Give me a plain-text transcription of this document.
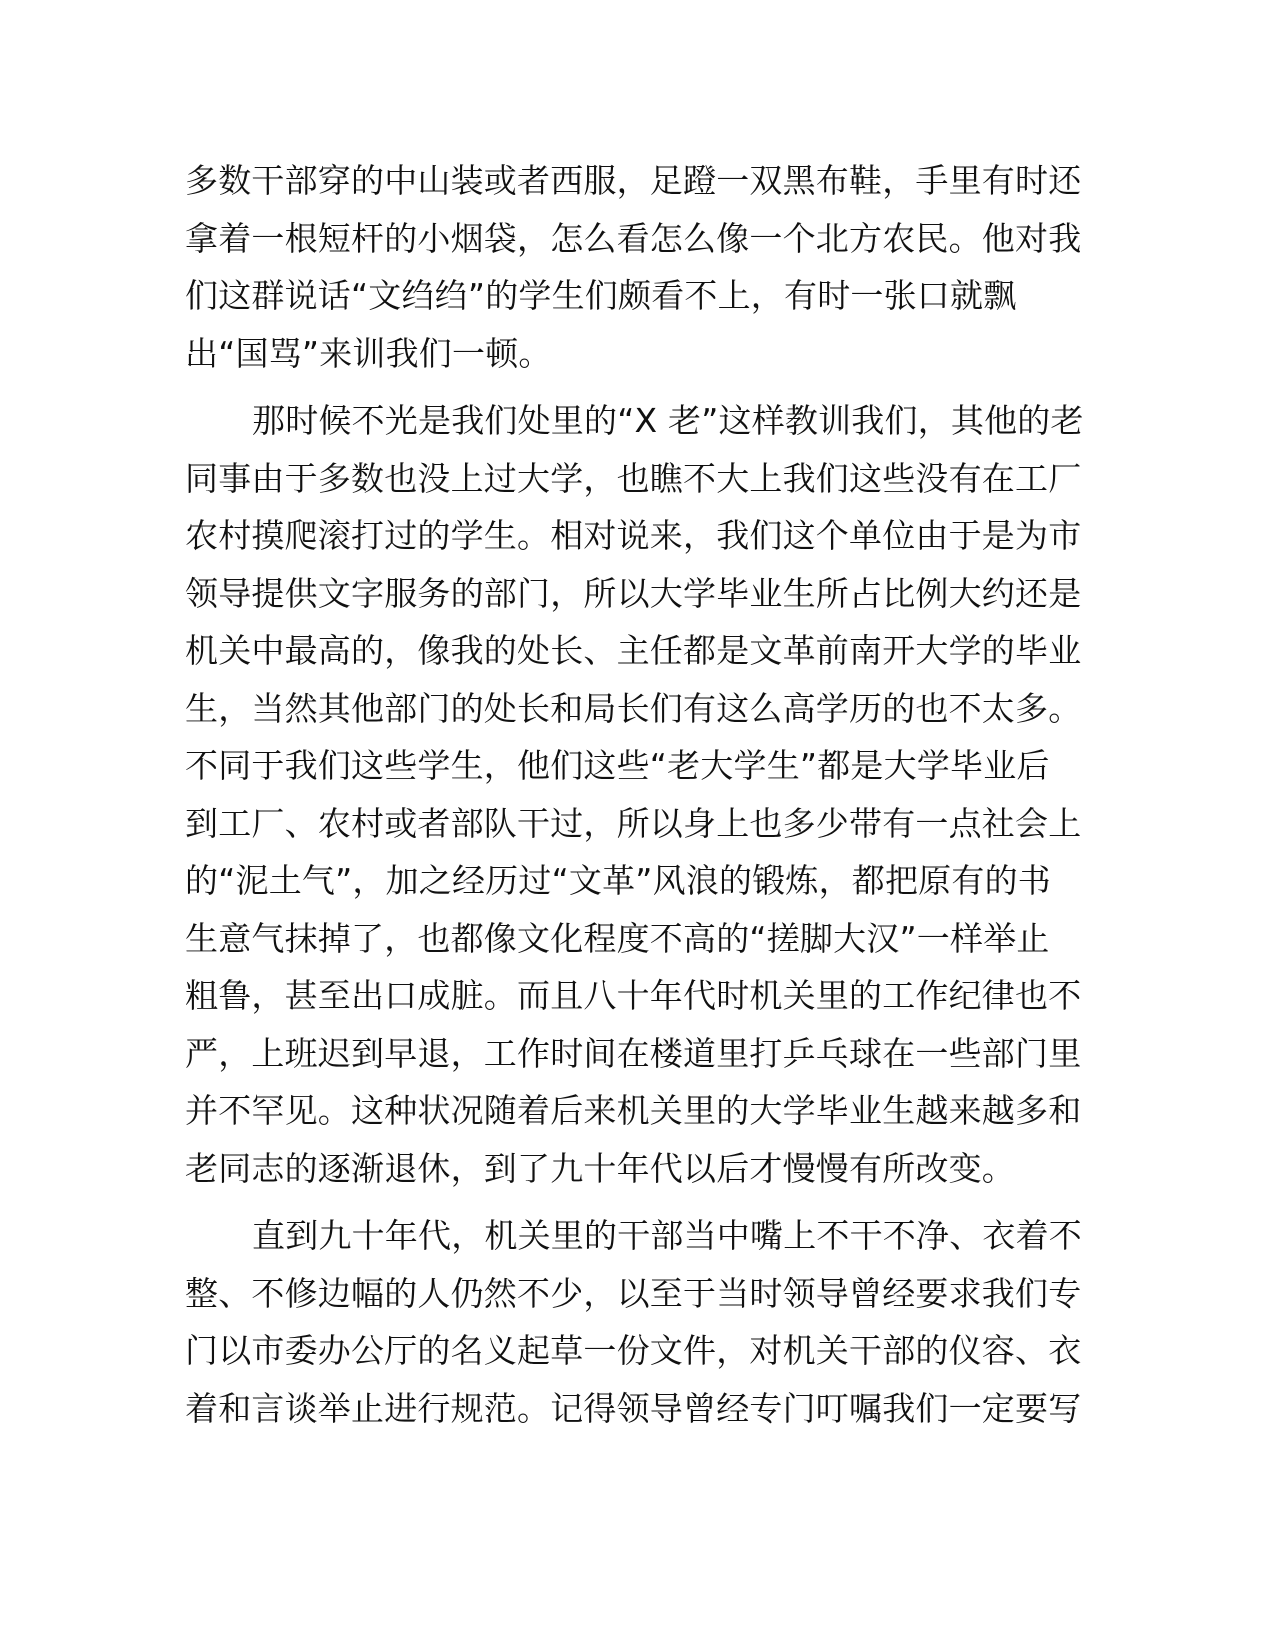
多数干部穿的中山装或者西服，足蹬一双黑布鞋，手里有时还
拿着一根短杆的小烟袋，怎么看怎么像一个北方农民。他对我
们这群说话“文绉绉”的学生们颇看不上，有时一张口就飘
出“国骂”来训我们一顿。
那时候不光是我们处里的“X 老”这样教训我们，其他的老
同事由于多数也没上过大学，也瞧不大上我们这些没有在工厂
农村摸爬滚打过的学生。相对说来，我们这个单位由于是为市
领导提供文字服务的部门，所以大学毕业生所占比例大约还是
机关中最高的，像我的处长、主任都是文革前南开大学的毕业
生，当然其他部门的处长和局长们有这么高学历的也不太多。
不同于我们这些学生，他们这些“老大学生”都是大学毕业后
到工厂、农村或者部队干过，所以身上也多少带有一点社会上
的“泥土气”，加之经历过“文革”风浪的锻炼，都把原有的书
生意气抹掉了，也都像文化程度不高的“搓脚大汉”一样举止
粗鲁，甚至出口成脏。而且八十年代时机关里的工作纪律也不
严，上班迟到早退，工作时间在楼道里打乒乓球在一些部门里
并不罕见。这种状况随着后来机关里的大学毕业生越来越多和
老同志的逐渐退休，到了九十年代以后才慢慢有所改变。
直到九十年代，机关里的干部当中嘴上不干不净、衣着不
整、不修边幅的人仍然不少，以至于当时领导曾经要求我们专
门以市委办公厅的名义起草一份文件，对机关干部的仪容、衣
着和言谈举止进行规范。记得领导曾经专门叮嘱我们一定要写
